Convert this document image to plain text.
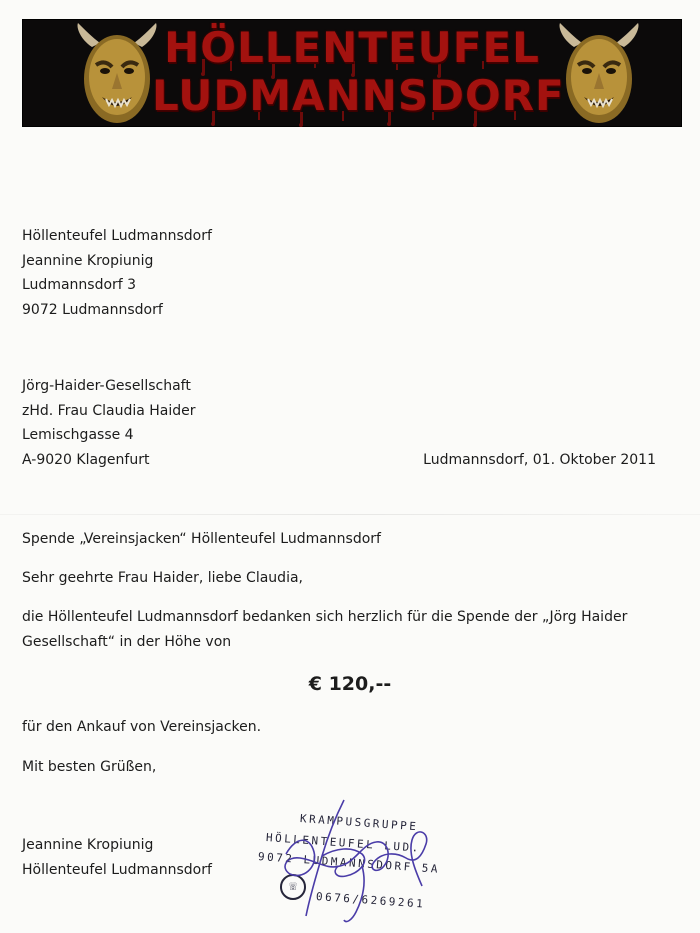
HÖLLENTEUFEL
LUDMANNSDORF
Höllenteufel Ludmannsdorf
Jeannine Kropiunig
Ludmannsdorf 3
9072 Ludmannsdorf
Jörg-Haider-Gesellschaft
zHd. Frau Claudia Haider
Lemischgasse 4
A-9020 Klagenfurt	Ludmannsdorf, 01. Oktober 2011
Spende „Vereinsjacken“ Höllenteufel Ludmannsdorf
Sehr geehrte Frau Haider, liebe Claudia,
die Höllenteufel Ludmannsdorf bedanken sich herzlich für die Spende der „Jörg Haider
Gesellschaft“ in der Höhe von
€ 120,--
für den Ankauf von Vereinsjacken.
Mit besten Grüßen,
Jeannine Kropiunig
Höllenteufel Ludmannsdorf
KRAMPUSGRUPPE
HÖLLENTEUFEL LUD.
9072 LUDMANNSDORF 5A
☏
0676/6269261
